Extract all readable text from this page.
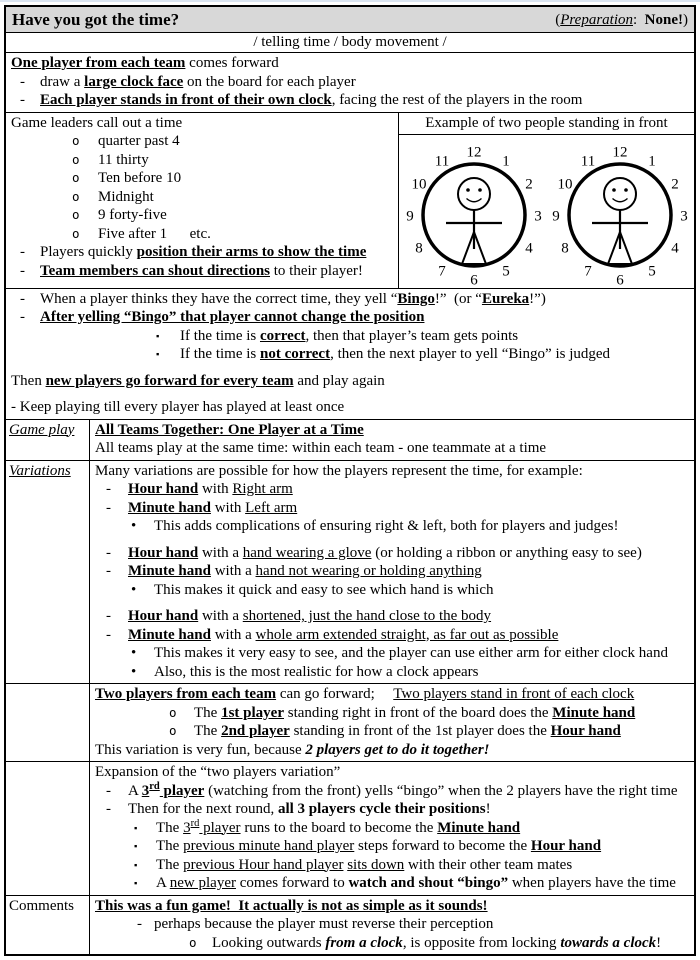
Have you got the time?	(Preparation:  None!)
/ telling time / body movement /
One player from each team comes forward
- draw a large clock face on the board for each player
- Each player stands in front of their own clock, facing the rest of the players in the room
Game leaders call out a time
o quarter past 4
o 11 thirty
o Ten before 10
o Midnight
o 9 forty-five
o Five after 1      etc.
- Players quickly position their arms to show the time
- Team members can shout directions to their player!
Example of two people standing in front
12
1
2
3
4
5
6
7
8
9
10
11
12
1
2
3
4
5
6
7
8
9
10
11
- When a player thinks they have the correct time, they yell “Bingo!”  (or “Eureka!”)
- After yelling “Bingo” that player cannot change the position
▪ If the time is correct, then that player’s team gets points
▪ If the time is not correct, then the next player to yell “Bingo” is judged
Then new players go forward for every team and play again
- Keep playing till every player has played at least once
Game play	All Teams Together: One Player at a Time
All teams play at the same time: within each team - one teammate at a time
Variations	Many variations are possible for how the players represent the time, for example:
- Hour hand with Right arm
- Minute hand with Left arm
• This adds complications of ensuring right & left, both for players and judges!
- Hour hand with a hand wearing a glove (or holding a ribbon or anything easy to see)
- Minute hand with a hand not wearing or holding anything
• This makes it quick and easy to see which hand is which
- Hour hand with a shortened, just the hand close to the body
- Minute hand with a whole arm extended straight, as far out as possible
• This makes it very easy to see, and the player can use either arm for either clock hand
• Also, this is the most realistic for how a clock appears
Two players from each team can go forward;     Two players stand in front of each clock
o The 1st player standing right in front of the board does the Minute hand
o The 2nd player standing in front of the 1st player does the Hour hand
This variation is very fun, because 2 players get to do it together!
Expansion of the “two players variation”
- A 3rd player (watching from the front) yells “bingo” when the 2 players have the right time
- Then for the next round, all 3 players cycle their positions!
▪ The 3rd player runs to the board to become the Minute hand
▪ The previous minute hand player steps forward to become the Hour hand
▪ The previous Hour hand player sits down with their other team mates
▪ A new player comes forward to watch and shout “bingo” when players have the time
Comments	This was a fun game!  It actually is not as simple as it sounds!
- perhaps because the player must reverse their perception
o Looking outwards from a clock, is opposite from locking towards a clock!
